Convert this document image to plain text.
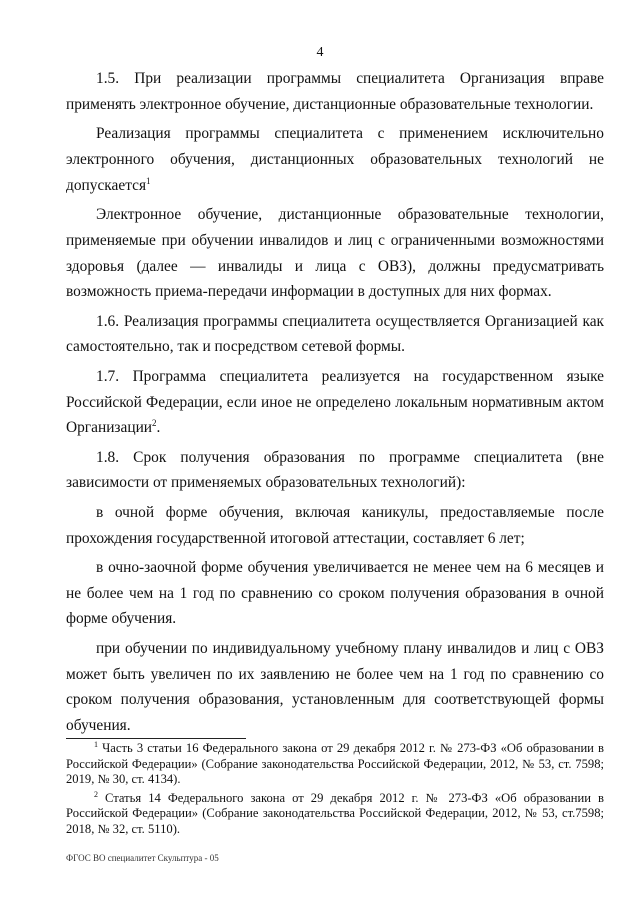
4

1.5. При реализации программы специалитета Организация вправе применять электронное обучение, дистанционные образовательные технологии.

Реализация программы специалитета с применением исключительно электронного обучения, дистанционных образовательных технологий не допускается$^1$

Электронное обучение, дистанционные образовательные технологии, применяемые при обучении инвалидов и лиц с ограниченными возможностями здоровья (далее — инвалиды и лица с ОВЗ), должны предусматривать возможность приема-передачи информации в доступных для них формах.

1.6. Реализация программы специалитета осуществляется Организацией как самостоятельно, так и посредством сетевой формы.

1.7. Программа специалитета реализуется на государственном языке Российской Федерации, если иное не определено локальным нормативным актом Организации$^2$.

1.8. Срок получения образования по программе специалитета (вне зависимости от применяемых образовательных технологий):

в очной форме обучения, включая каникулы, предоставляемые после прохождения государственной итоговой аттестации, составляет 6 лет;

в очно-заочной форме обучения увеличивается не менее чем на 6 месяцев и не более чем на 1 год по сравнению со сроком получения образования в очной форме обучения.

при обучении по индивидуальному учебному плану инвалидов и лиц с ОВЗ может быть увеличен по их заявлению не более чем на 1 год по сравнению со сроком получения образования, установленным для соответствующей формы обучения.

$^1$ Часть 3 статьи 16 Федерального закона от 29 декабря 2012 г. № 273-ФЗ «Об образовании в Российской Федерации» (Собрание законодательства Российской Федерации, 2012, № 53, ст. 7598; 2019, № 30, ст. 4134).

$^2$ Статья 14 Федерального закона от 29 декабря 2012 г. № 273-ФЗ «Об образовании в Российской Федерации» (Собрание законодательства Российской Федерации, 2012, № 53, ст.7598; 2018, № 32, ст. 5110).

ФГОС ВО специалитет Скульптура - 05
